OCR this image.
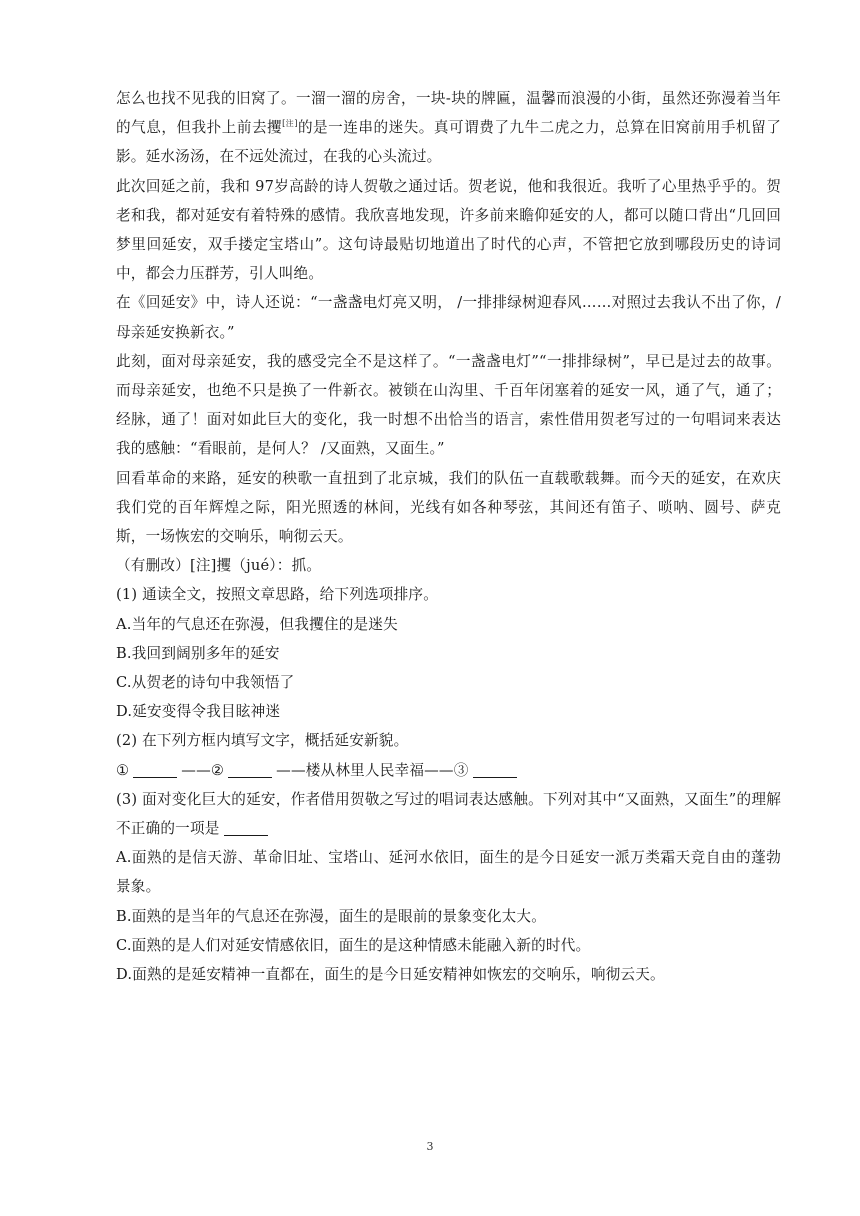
怎么也找不见我的旧窝了。一溜一溜的房舍，一块-块的牌匾，温馨而浪漫的小街，虽然还弥漫着当年的气息，但我扑上前去攫[注]的是一连串的迷失。真可谓费了九牛二虎之力，总算在旧窝前用手机留了影。延水汤汤，在不远处流过，在我的心头流过。

此次回延之前，我和 97岁高龄的诗人贺敬之通过话。贺老说，他和我很近。我听了心里热乎乎的。贺老和我，都对延安有着特殊的感情。我欣喜地发现，许多前来瞻仰延安的人，都可以随口背出“几回回梦里回延安，双手搂定宝塔山”。这句诗最贴切地道出了时代的心声，不管把它放到哪段历史的诗词中，都会力压群芳，引人叫绝。

在《回延安》中，诗人还说：“一盏盏电灯亮又明， /一排排绿树迎春风……对照过去我认不出了你，/母亲延安换新衣。”

此刻，面对母亲延安，我的感受完全不是这样了。“一盏盏电灯”“一排排绿树”，早已是过去的故事。而母亲延安，也绝不只是换了一件新衣。被锁在山沟里、千百年闭塞着的延安一风，通了气，通了；经脉，通了！面对如此巨大的变化，我一时想不出恰当的语言，索性借用贺老写过的一句唱词来表达我的感触：“看眼前，是何人？ /又面熟，又面生。”

回看革命的来路，延安的秧歌一直扭到了北京城，我们的队伍一直载歌载舞。而今天的延安，在欢庆我们党的百年辉煌之际，阳光照透的林间，光线有如各种琴弦，其间还有笛子、唢呐、圆号、萨克斯，一场恢宏的交响乐，响彻云天。

（有删改）[注]攫（jué）：抓。

(1) 通读全文，按照文章思路，给下列选项排序。

A.当年的气息还在弥漫，但我攫住的是迷失

B.我回到阔别多年的延安

C.从贺老的诗句中我领悟了

D.延安变得令我目眩神迷

(2) 在下列方框内填写文字，概括延安新貌。

①	——②	——楼从林里人民幸福——③

(3) 面对变化巨大的延安，作者借用贺敬之写过的唱词表达感触。下列对其中“又面熟，又面生”的理解不正确的一项是

A.面熟的是信天游、革命旧址、宝塔山、延河水依旧，面生的是今日延安一派万类霜天竞自由的蓬勃景象。

B.面熟的是当年的气息还在弥漫，面生的是眼前的景象变化太大。

C.面熟的是人们对延安情感依旧，面生的是这种情感未能融入新的时代。

D.面熟的是延安精神一直都在，面生的是今日延安精神如恢宏的交响乐，响彻云天。

3
